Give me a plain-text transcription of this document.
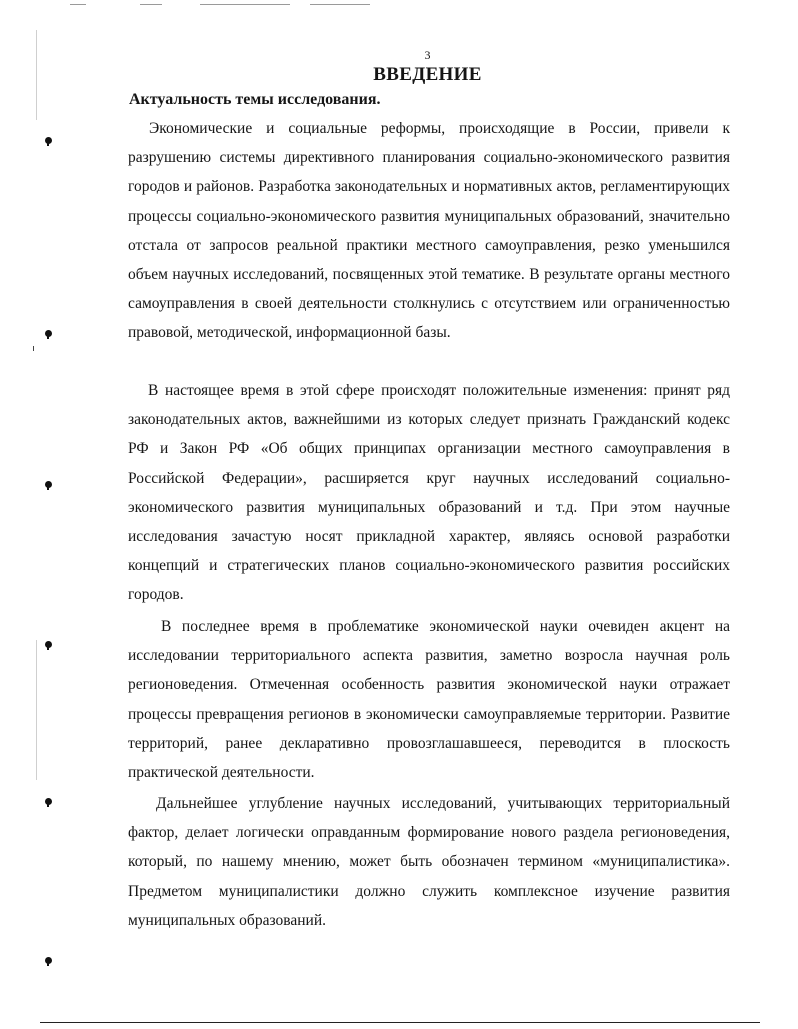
3
ВВЕДЕНИЕ
Актуальность темы исследования.

Экономические и социальные реформы, происходящие в России, привели к разрушению системы директивного планирования социально-экономического развития городов и районов. Разработка законодательных и нормативных актов, регламентирующих процессы социально-экономического развития муниципальных образований, значительно отстала от запросов реальной практики местного самоуправления, резко уменьшился объем научных исследований, посвященных этой тематике. В результате органы местного самоуправления в своей деятельности столкнулись с отсутствием или ограниченностью правовой, методической, информационной базы.

В настоящее время в этой сфере происходят положительные изменения: принят ряд законодательных актов, важнейшими из которых следует признать Гражданский кодекс РФ и Закон РФ «Об общих принципах организации местного самоуправления в Российской Федерации», расширяется круг научных исследований социально-экономического развития муниципальных образований и т.д. При этом научные исследования зачастую носят прикладной характер, являясь основой разработки концепций и стратегических планов социально-экономического развития российских городов.

В последнее время в проблематике экономической науки очевиден акцент на исследовании территориального аспекта развития, заметно возросла научная роль регионоведения. Отмеченная особенность развития экономической науки отражает процессы превращения регионов в экономически самоуправляемые территории. Развитие территорий, ранее декларативно провозглашавшееся, переводится в плоскость практической деятельности.

Дальнейшее углубление научных исследований, учитывающих территориальный фактор, делает логически оправданным формирование нового раздела регионоведения, который, по нашему мнению, может быть обозначен термином «муниципалистика». Предметом муниципалистики должно служить комплексное изучение развития муниципальных образований.
